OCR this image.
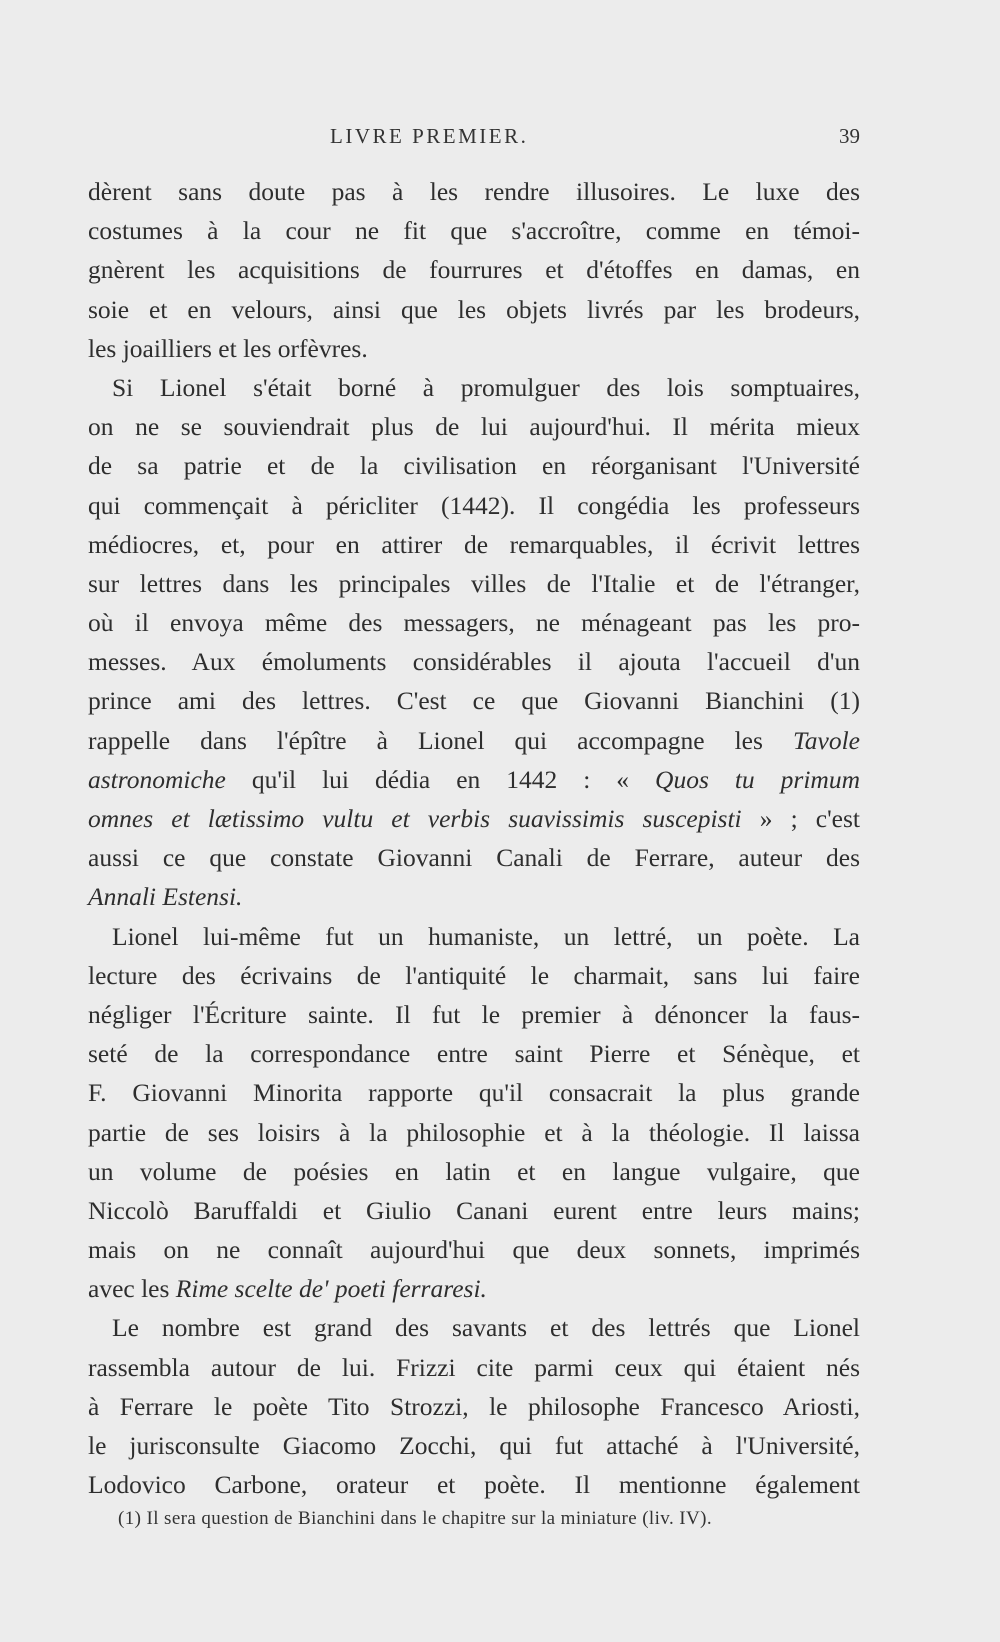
LIVRE PREMIER.	39
dèrent sans doute pas à les rendre illusoires. Le luxe des
costumes à la cour ne fit que s'accroître, comme en témoi-
gnèrent les acquisitions de fourrures et d'étoffes en damas, en
soie et en velours, ainsi que les objets livrés par les brodeurs,
les joailliers et les orfèvres.
Si Lionel s'était borné à promulguer des lois somptuaires,
on ne se souviendrait plus de lui aujourd'hui. Il mérita mieux
de sa patrie et de la civilisation en réorganisant l'Université
qui commençait à péricliter (1442). Il congédia les professeurs
médiocres, et, pour en attirer de remarquables, il écrivit lettres
sur lettres dans les principales villes de l'Italie et de l'étranger,
où il envoya même des messagers, ne ménageant pas les pro-
messes. Aux émoluments considérables il ajouta l'accueil d'un
prince ami des lettres. C'est ce que Giovanni Bianchini (1)
rappelle dans l'épître à Lionel qui accompagne les Tavole
astronomiche qu'il lui dédia en 1442 : « Quos tu primum
omnes et lætissimo vultu et verbis suavissimis suscepisti » ; c'est
aussi ce que constate Giovanni Canali de Ferrare, auteur des
Annali Estensi.
Lionel lui-même fut un humaniste, un lettré, un poète. La
lecture des écrivains de l'antiquité le charmait, sans lui faire
négliger l'Écriture sainte. Il fut le premier à dénoncer la faus-
seté de la correspondance entre saint Pierre et Sénèque, et
F. Giovanni Minorita rapporte qu'il consacrait la plus grande
partie de ses loisirs à la philosophie et à la théologie. Il laissa
un volume de poésies en latin et en langue vulgaire, que
Niccolò Baruffaldi et Giulio Canani eurent entre leurs mains;
mais on ne connaît aujourd'hui que deux sonnets, imprimés
avec les Rime scelte de' poeti ferraresi.
Le nombre est grand des savants et des lettrés que Lionel
rassembla autour de lui. Frizzi cite parmi ceux qui étaient nés
à Ferrare le poète Tito Strozzi, le philosophe Francesco Ariosti,
le jurisconsulte Giacomo Zocchi, qui fut attaché à l'Université,
Lodovico Carbone, orateur et poète. Il mentionne également
(1) Il sera question de Bianchini dans le chapitre sur la miniature (liv. IV).
